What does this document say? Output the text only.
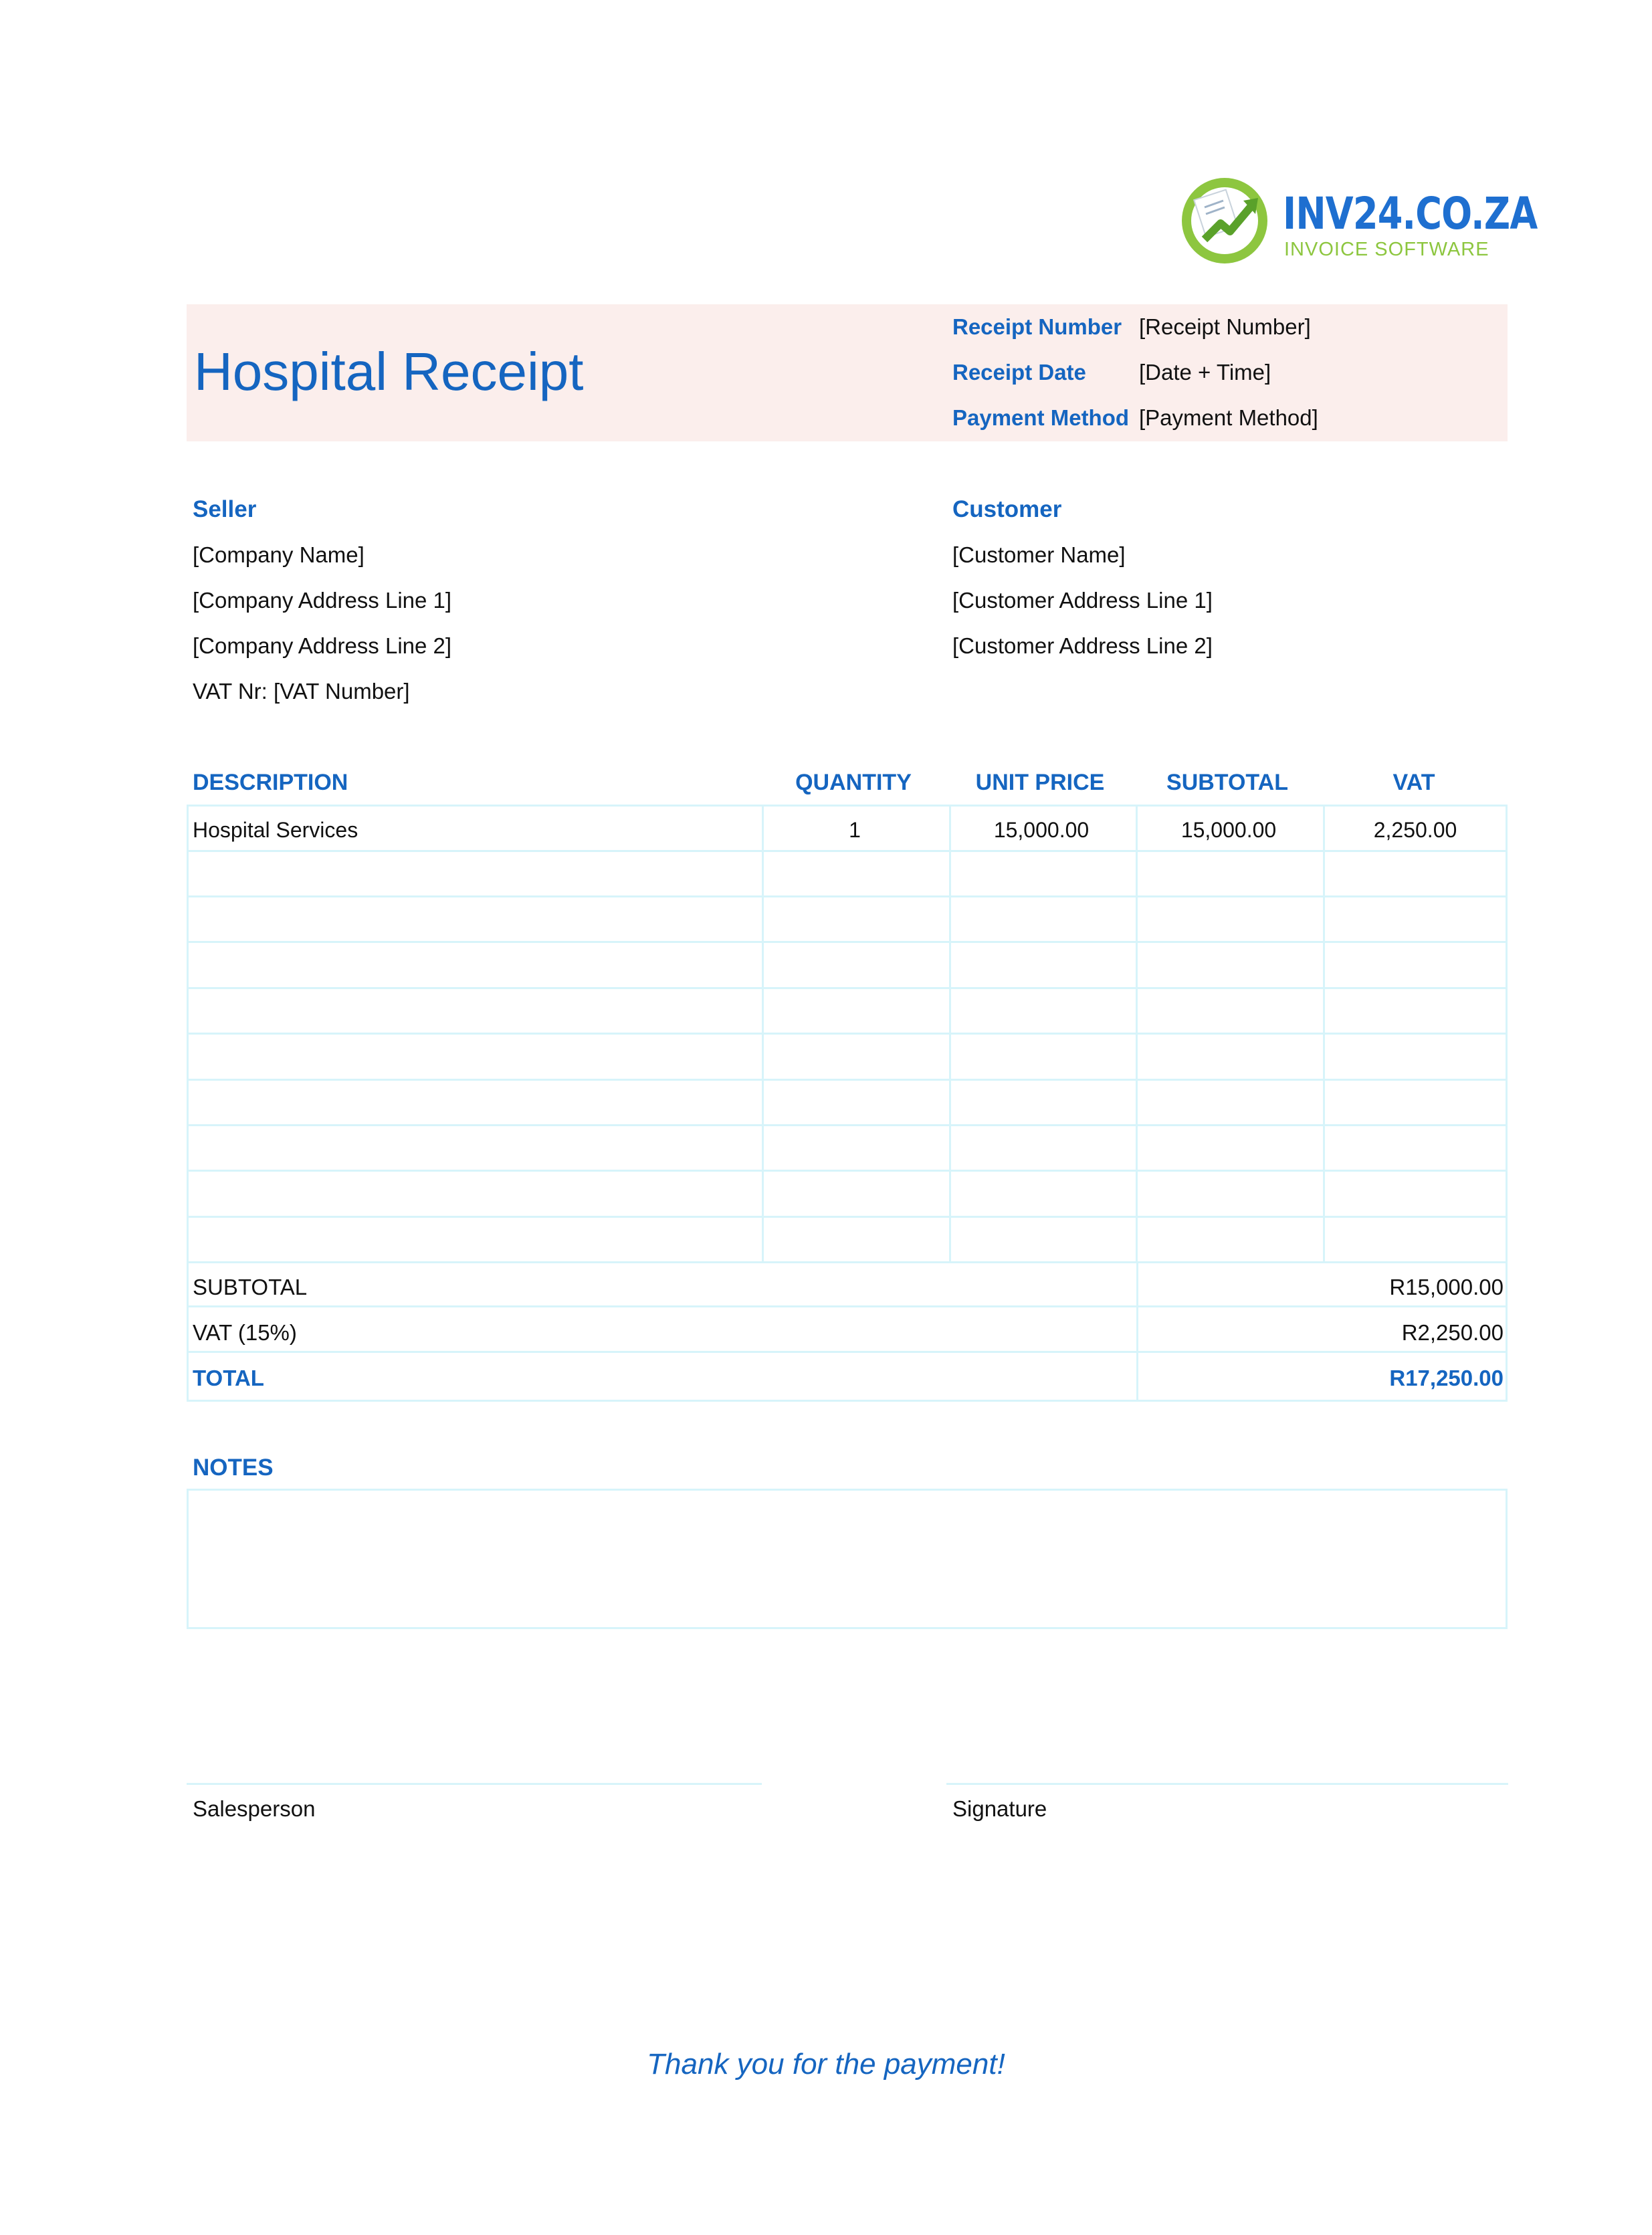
INV24.CO.ZA
INVOICE SOFTWARE
Hospital Receipt
Receipt Number [Receipt Number]
Receipt Date [Date + Time]
Payment Method [Payment Method]
Seller
[Company Name]
[Company Address Line 1]
[Company Address Line 2]
VAT Nr: [VAT Number]
Customer
[Customer Name]
[Customer Address Line 1]
[Customer Address Line 2]
DESCRIPTION	QUANTITY	UNIT PRICE	SUBTOTAL	VAT
Hospital Services	1	15,000.00	15,000.00	2,250.00
SUBTOTAL	R15,000.00
VAT (15%)	R2,250.00
TOTAL	R17,250.00
NOTES
Salesperson	Signature
Thank you for the payment!
